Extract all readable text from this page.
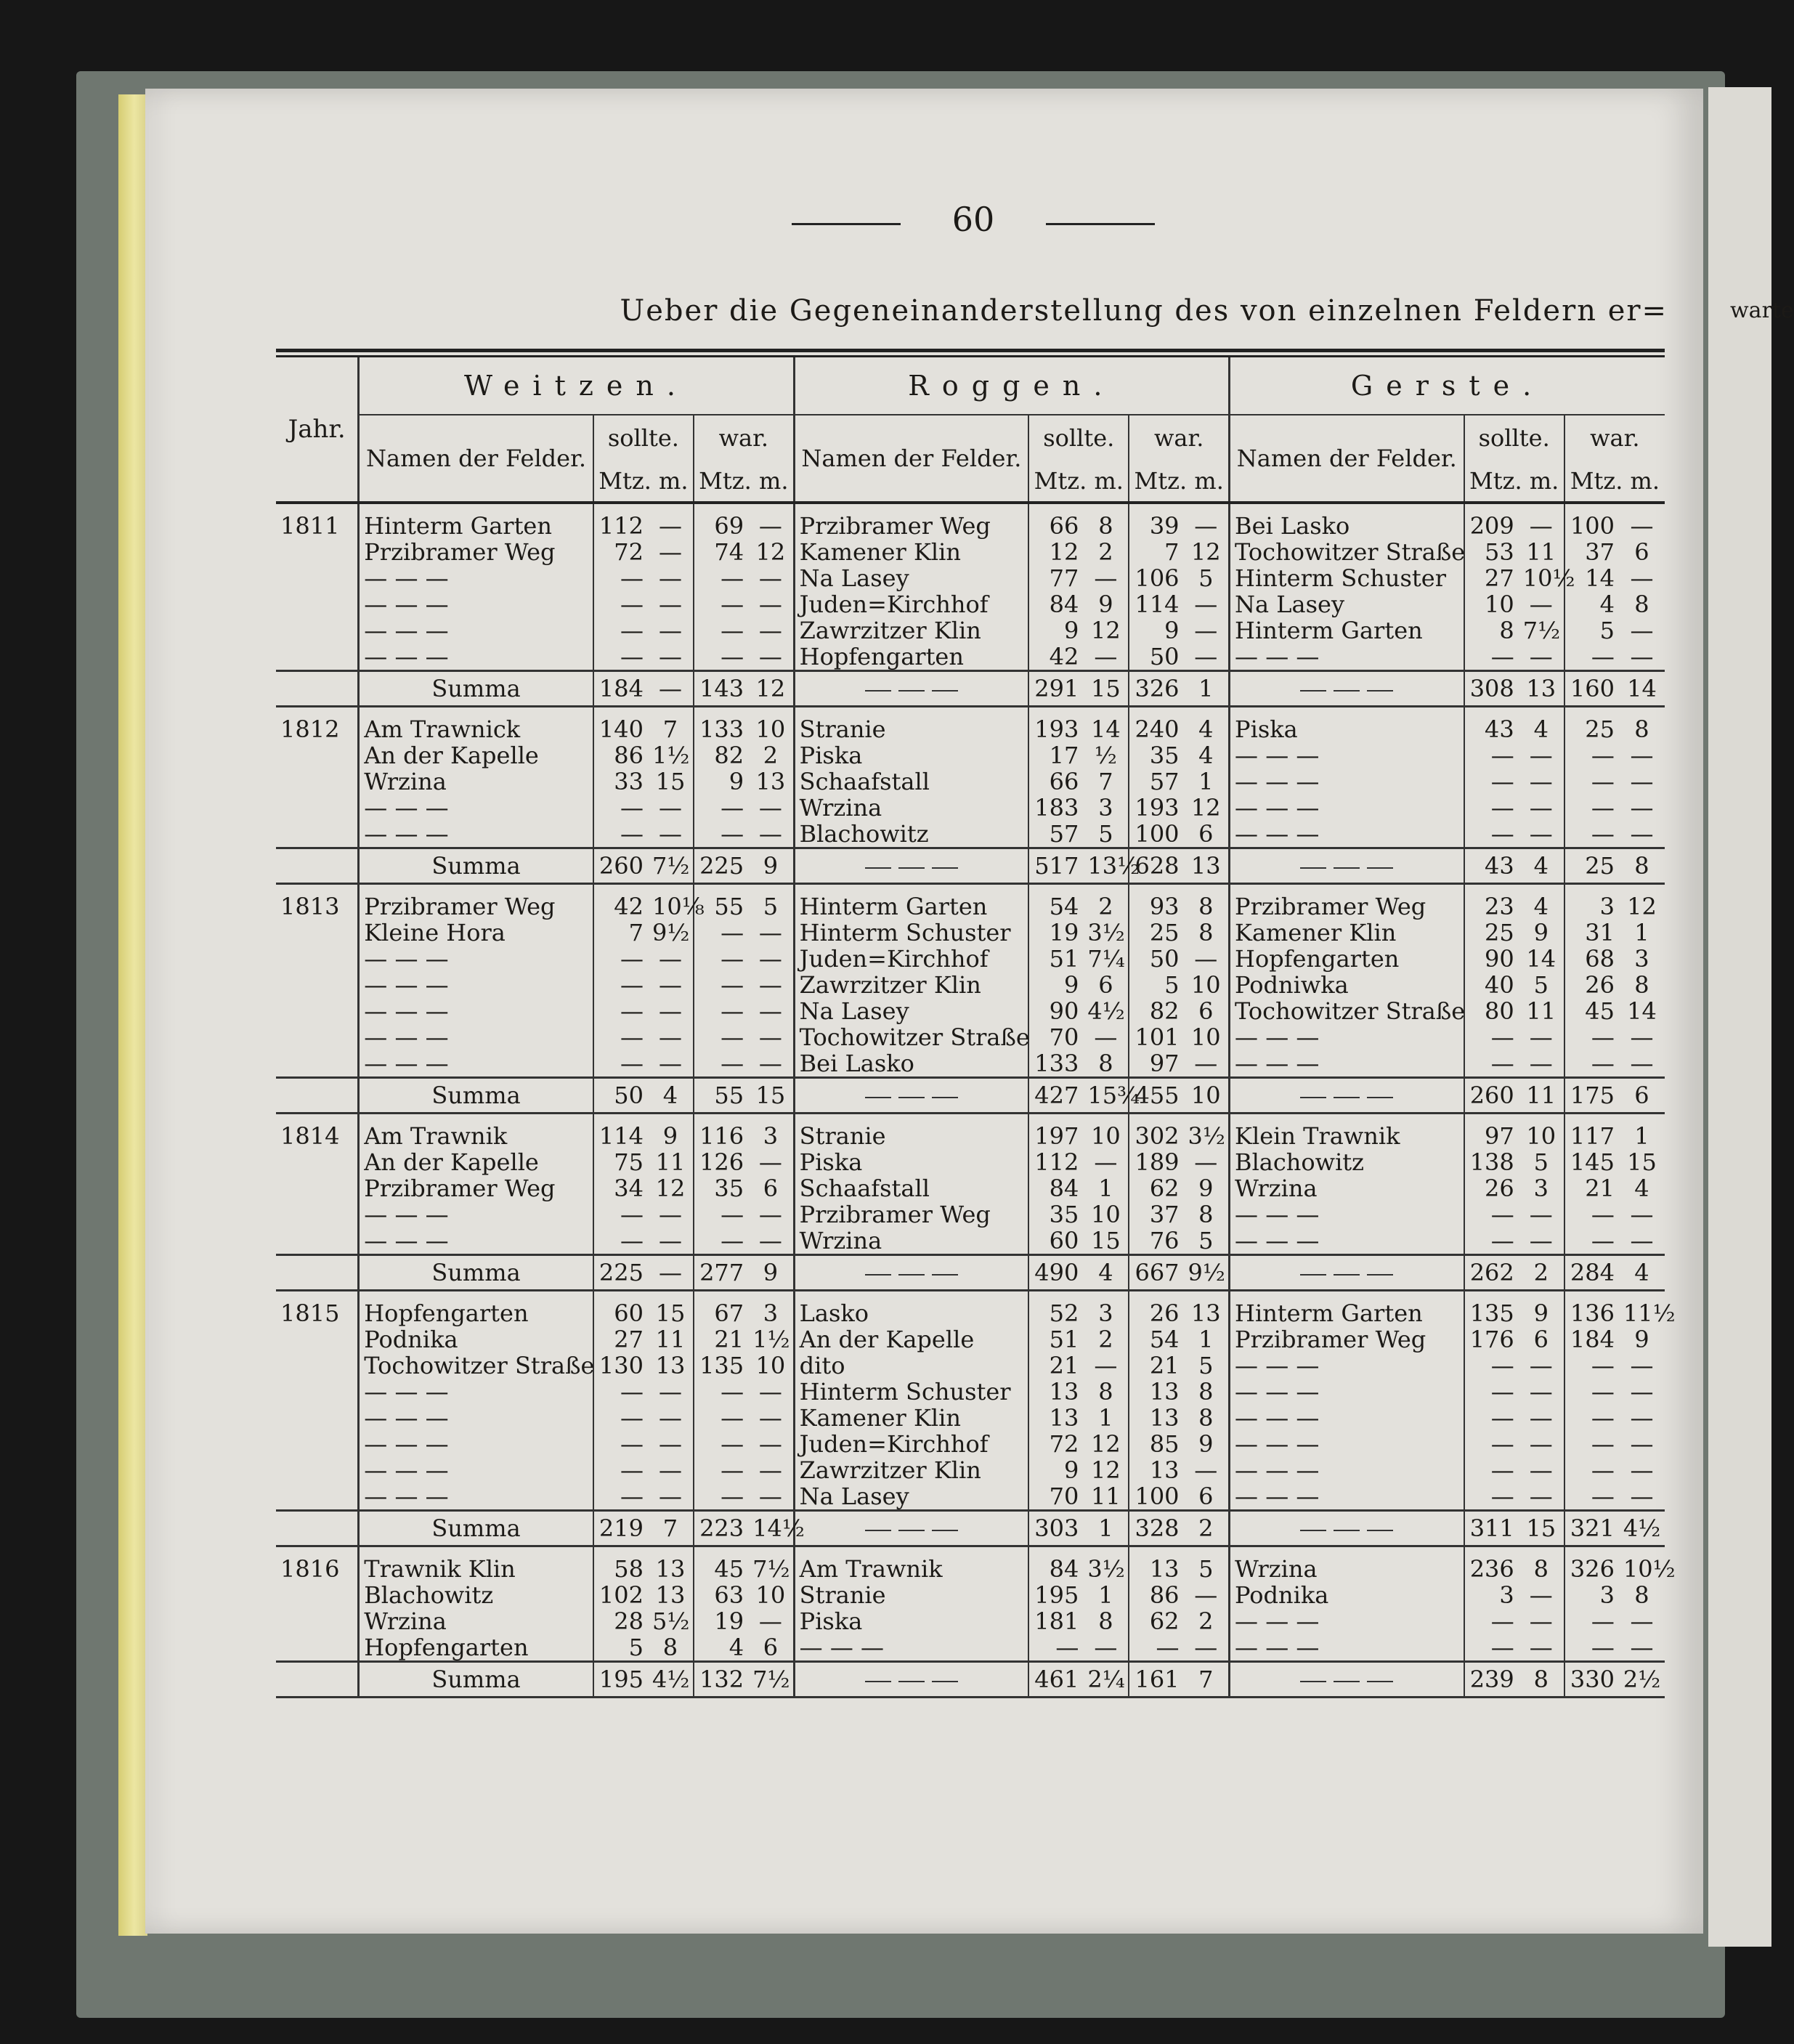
warte
60
Ueber die Gegeneinanderstellung des von einzelnen Feldern er=
Jahr.	Weitzen.					Roggen.					Gerste.				
	Namen der Felder.	sollte.		war.		Namen der Felder.	sollte.		war.		Namen der Felder.	sollte.		war.	
		Mtz. m.		Mtz. m.			Mtz. m.		Mtz. m.			Mtz. m.		Mtz. m.	
1811	Hinterm Garten	112	—	69	—	Przibramer Weg	66	8	39	—	Bei Lasko	209	—	100	—
	Przibramer Weg	72	—	74	12	Kamener Klin	12	2	7	12	Tochowitzer Straße	53	11	37	6
	— — —	—	—	—	—	Na Lasey	77	—	106	5	Hinterm Schuster	27	10½	14	—
	— — —	—	—	—	—	Juden=Kirchhof	84	9	114	—	Na Lasey	10	—	4	8
	— — —	—	—	—	—	Zawrzitzer Klin	9	12	9	—	Hinterm Garten	8	7½	5	—
	— — —	—	—	—	—	Hopfengarten	42	—	50	—	— — —	—	—	—	—
	Summa	184	—	143	12		291	15	326	1		308	13	160	14
1812	Am Trawnick	140	7	133	10	Stranie	193	14	240	4	Piska	43	4	25	8
	An der Kapelle	86	1½	82	2	Piska	17	½	35	4	— — —	—	—	—	—
	Wrzina	33	15	9	13	Schaafstall	66	7	57	1	— — —	—	—	—	—
	— — —	—	—	—	—	Wrzina	183	3	193	12	— — —	—	—	—	—
	— — —	—	—	—	—	Blachowitz	57	5	100	6	— — —	—	—	—	—
	Summa	260	7½	225	9		517	13½	628	13		43	4	25	8
1813	Przibramer Weg	42	10⅛	55	5	Hinterm Garten	54	2	93	8	Przibramer Weg	23	4	3	12
	Kleine Hora	7	9½	—	—	Hinterm Schuster	19	3½	25	8	Kamener Klin	25	9	31	1
	— — —	—	—	—	—	Juden=Kirchhof	51	7¼	50	—	Hopfengarten	90	14	68	3
	— — —	—	—	—	—	Zawrzitzer Klin	9	6	5	10	Podniwka	40	5	26	8
	— — —	—	—	—	—	Na Lasey	90	4½	82	6	Tochowitzer Straße	80	11	45	14
	— — —	—	—	—	—	Tochowitzer Straße	70	—	101	10	— — —	—	—	—	—
	— — —	—	—	—	—	Bei Lasko	133	8	97	—	— — —	—	—	—	—
	Summa	50	4	55	15		427	15¾	455	10		260	11	175	6
1814	Am Trawnik	114	9	116	3	Stranie	197	10	302	3½	Klein Trawnik	97	10	117	1
	An der Kapelle	75	11	126	—	Piska	112	—	189	—	Blachowitz	138	5	145	15
	Przibramer Weg	34	12	35	6	Schaafstall	84	1	62	9	Wrzina	26	3	21	4
	— — —	—	—	—	—	Przibramer Weg	35	10	37	8	— — —	—	—	—	—
	— — —	—	—	—	—	Wrzina	60	15	76	5	— — —	—	—	—	—
	Summa	225	—	277	9		490	4	667	9½		262	2	284	4
1815	Hopfengarten	60	15	67	3	Lasko	52	3	26	13	Hinterm Garten	135	9	136	11½
	Podnika	27	11	21	1½	An der Kapelle	51	2	54	1	Przibramer Weg	176	6	184	9
	Tochowitzer Straße	130	13	135	10	dito	21	—	21	5	— — —	—	—	—	—
	— — —	—	—	—	—	Hinterm Schuster	13	8	13	8	— — —	—	—	—	—
	— — —	—	—	—	—	Kamener Klin	13	1	13	8	— — —	—	—	—	—
	— — —	—	—	—	—	Juden=Kirchhof	72	12	85	9	— — —	—	—	—	—
	— — —	—	—	—	—	Zawrzitzer Klin	9	12	13	—	— — —	—	—	—	—
	— — —	—	—	—	—	Na Lasey	70	11	100	6	— — —	—	—	—	—
	Summa	219	7	223	14½		303	1	328	2		311	15	321	4½
1816	Trawnik Klin	58	13	45	7½	Am Trawnik	84	3½	13	5	Wrzina	236	8	326	10½
	Blachowitz	102	13	63	10	Stranie	195	1	86	—	Podnika	3	—	3	8
	Wrzina	28	5½	19	—	Piska	181	8	62	2	— — —	—	—	—	—
	Hopfengarten	5	8	4	6	— — —	—	—	—	—	— — —	—	—	—	—
	Summa	195	4½	132	7½		461	2¼	161	7		239	8	330	2½
